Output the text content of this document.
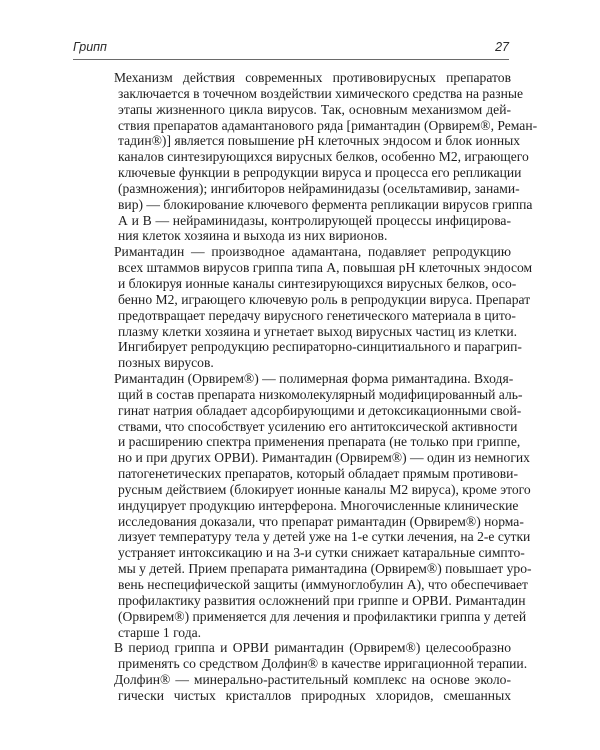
Грипп	27
Механизм действия современных противовирусных препаратов
заключается в точечном воздействии химического средства на разные
этапы жизненного цикла вирусов. Так, основным механизмом дей-
ствия препаратов адамантанового ряда [римантадин (Орвирем®, Реман-
тадин®)] является повышение pH клеточных эндосом и блок ионных
каналов синтезирующихся вирусных белков, особенно М2, играющего
ключевые функции в репродукции вируса и процесса его репликации
(размножения); ингибиторов нейраминидазы (осельтамивир, занами-
вир) — блокирование ключевого фермента репликации вирусов гриппа
А и В — нейраминидазы, контролирующей процессы инфицирова-
ния клеток хозяина и выхода из них вирионов.
Римантадин — производное адамантана, подавляет репродукцию
всех штаммов вирусов гриппа типа А, повышая pH клеточных эндосом
и блокируя ионные каналы синтезирующихся вирусных белков, осо-
бенно М2, играющего ключевую роль в репродукции вируса. Препарат
предотвращает передачу вирусного генетического материала в цито-
плазму клетки хозяина и угнетает выход вирусных частиц из клетки.
Ингибирует репродукцию респираторно-синцитиального и парагрип-
позных вирусов.
Римантадин (Орвирем®) — полимерная форма римантадина. Входя-
щий в состав препарата низкомолекулярный модифицированный аль-
гинат натрия обладает адсорбирующими и детоксикационными свой-
ствами, что способствует усилению его антитоксической активности
и расширению спектра применения препарата (не только при гриппе,
но и при других ОРВИ). Римантадин (Орвирем®) — один из немногих
патогенетических препаратов, который обладает прямым противови-
русным действием (блокирует ионные каналы М2 вируса), кроме этого
индуцирует продукцию интерферона. Многочисленные клинические
исследования доказали, что препарат римантадин (Орвирем®) норма-
лизует температуру тела у детей уже на 1-е сутки лечения, на 2-е сутки
устраняет интоксикацию и на 3-и сутки снижает катаральные симпто-
мы у детей. Прием препарата римантадина (Орвирем®) повышает уро-
вень неспецифической защиты (иммуноглобулин А), что обеспечивает
профилактику развития осложнений при гриппе и ОРВИ. Римантадин
(Орвирем®) применяется для лечения и профилактики гриппа у детей
старше 1 года.
В период гриппа и ОРВИ римантадин (Орвирем®) целесообразно
применять со средством Долфин® в качестве ирригационной терапии.
Долфин® — минерально-растительный комплекс на основе эколо-
гически чистых кристаллов природных хлоридов, смешанных
